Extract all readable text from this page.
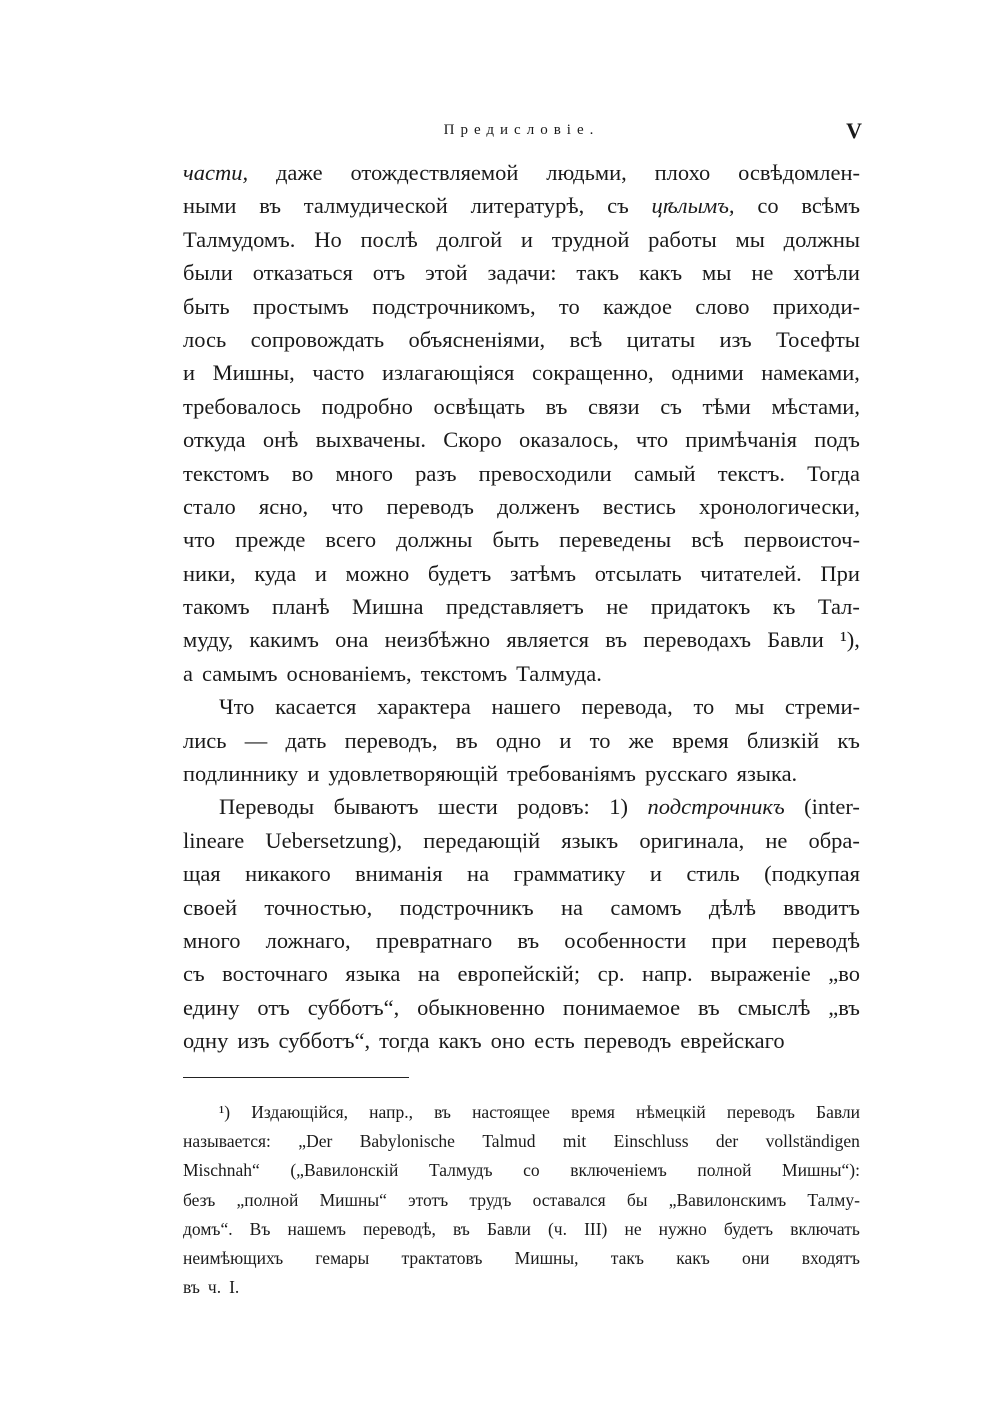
Предисловіе.	V
части, даже отождествляемой людьми, плохо освѣдомлен-
ными въ талмудической литературѣ, съ цѣлымъ, со всѣмъ
Талмудомъ. Но послѣ долгой и трудной работы мы должны
были отказаться отъ этой задачи: такъ какъ мы не хотѣли
быть простымъ подстрочникомъ, то каждое слово приходи-
лось сопровождать объясненіями, всѣ цитаты изъ Тосефты
и Мишны, часто излагающіяся сокращенно, одними намеками,
требовалось подробно освѣщать въ связи съ тѣми мѣстами,
откуда онѣ выхвачены. Скоро оказалось, что примѣчанія подъ
текстомъ во много разъ превосходили самый текстъ. Тогда
стало ясно, что переводъ долженъ вестись хронологически,
что прежде всего должны быть переведены всѣ первоисточ-
ники, куда и можно будетъ затѣмъ отсылать читателей. При
такомъ планѣ Мишна представляетъ не придатокъ къ Тал-
муду, какимъ она неизбѣжно является въ переводахъ Бавли ¹),
а самымъ основаніемъ, текстомъ Талмуда.
Что касается характера нашего перевода, то мы стреми-
лись — дать переводъ, въ одно и то же время близкій къ
подлиннику и удовлетворяющій требованіямъ русскаго языка.
Переводы бываютъ шести родовъ: 1) подстрочникъ (inter-
lineare Uebersetzung), передающій языкъ оригинала, не обра-
щая никакого вниманія на грамматику и стиль (подкупая
своей точностью, подстрочникъ на самомъ дѣлѣ вводитъ
много ложнаго, превратнаго въ особенности при переводѣ
съ восточнаго языка на европейскій; ср. напр. выраженіе „во
едину отъ субботъ“, обыкновенно понимаемое въ смыслѣ „въ
одну изъ субботъ“, тогда какъ оно есть переводъ еврейскаго
¹) Издающійся, напр., въ настоящее время нѣмецкій переводъ Бавли
называется: „Der Babylonische Talmud mit Einschluss der vollständigen
Mischnah“ („Вавилонскій Талмудъ со включеніемъ полной Мишны“):
безъ „полной Мишны“ этотъ трудъ оставался бы „Вавилонскимъ Талму-
домъ“. Въ нашемъ переводѣ, въ Бавли (ч. III) не нужно будетъ включать
неимѣющихъ гемары трактатовъ Мишны, такъ какъ они входятъ
въ ч. I.
